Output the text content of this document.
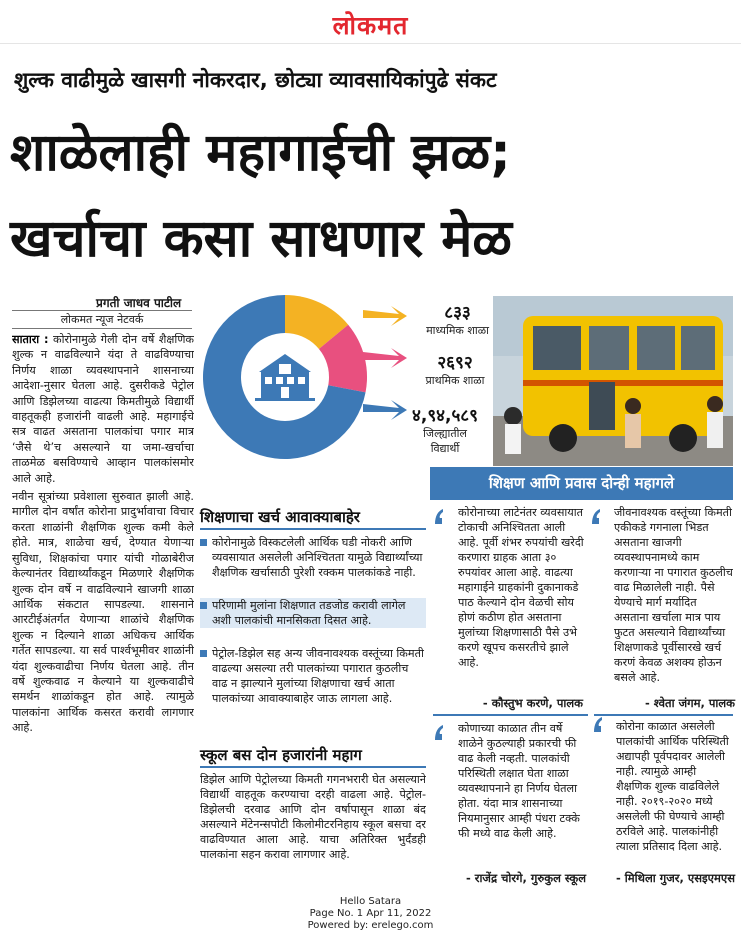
लोकमत
शुल्क वाढीमुळे खासगी नोकरदार, छोट्या व्यावसायिकांपुढे संकट
शाळेलाही महागाईची झळ;
खर्चाचा कसा साधणार मेळ
प्रगती जाधव पाटील
लोकमत न्यूज नेटवर्क

सातारा : कोरोनामुळे गेली दोन वर्षे शैक्षणिक शुल्क न वाढविल्याने यंदा ते वाढविण्याचा निर्णय शाळा व्यवस्थापनाने शासनाच्या आदेशा-नुसार घेतला आहे. दुसरीकडे पेट्रोल आणि डिझेलच्या वाढत्या किमतीमुळे विद्यार्थी वाहतूकही हजारांनी वाढली आहे. महागाईचे सत्र वाढत असताना पालकांचा पगार मात्र ‘जैसे थे’च असल्याने या जमा-खर्चाचा ताळमेळ बसविण्याचे आव्हान पालकांसमोर आले आहे.

नवीन सूत्रांच्या प्रवेशाला सुरुवात झाली आहे. मागील दोन वर्षांत कोरोना प्रादुर्भावाचा विचार करता शाळांनी शैक्षणिक शुल्क कमी केले होते. मात्र, शाळेचा खर्च, देण्यात येणाऱ्या सुविधा, शिक्षकांचा पगार यांची गोळाबेरीज केल्यानंतर विद्यार्थ्यांकडून मिळणारे शैक्षणिक शुल्क दोन वर्षे न वाढविल्याने खाजगी शाळा आर्थिक संकटात सापडल्या. शासनाने आरटीईअंतर्गत येणाऱ्या शाळांचे शैक्षणिक शुल्क न दिल्याने शाळा अधिकच आर्थिक गर्तेत सापडल्या. या सर्व पार्श्वभूमीवर शाळांनी यंदा शुल्कवाढीचा निर्णय घेतला आहे. तीन वर्षे शुल्कवाढ न केल्याने या शुल्कवाढीचे समर्थन शाळांकडून होत आहे. त्यामुळे पालकांना आर्थिक कसरत करावी लागणार आहे.

८३३
माध्यमिक शाळा
२६९२
प्राथमिक शाळा
४,९४,५८९
जिल्ह्यातील
विद्यार्थी
शिक्षण आणि प्रवास दोन्ही महागले
शिक्षणाचा खर्च आवाक्याबाहेर
कोरोनामुळे विस्कटलेली आर्थिक घडी नोकरी आणि व्यवसायात असलेली अनिश्चितता यामुळे विद्यार्थ्यांच्या शैक्षणिक खर्चासाठी पुरेशी रक्कम पालकांकडे नाही.
परिणामी मुलांना शिक्षणात तडजोड करावी लागेल अशी पालकांची मानसिकता दिसत आहे.
पेट्रोल-डिझेल सह अन्य जीवनावश्यक वस्तूंच्या किमती वाढल्या असल्या तरी पालकांच्या पगारात कुठलीच वाढ न झाल्याने मुलांच्या शिक्षणाचा खर्च आता पालकांच्या आवाक्याबाहेर जाऊ लागला आहे.
स्कूल बस दोन हजारांनी महाग
डिझेल आणि पेट्रोलच्या किमती गगनभरारी घेत असल्याने विद्यार्थी वाहतूक करण्याचा दरही वाढला आहे. पेट्रोल-डिझेलची दरवाढ आणि दोन वर्षापासून शाळा बंद असल्याने मेंटेनन्सपोटी किलोमीटरनिहाय स्कूल बसचा दर वाढविण्यात आला आहे. याचा अतिरिक्त भुर्दंडही पालकांना सहन करावा लागणार आहे.
कोरोनाच्या लाटेनंतर व्यवसायात टोकाची अनिश्चितता आली आहे. पूर्वी शंभर रुपयांची खरेदी करणारा ग्राहक आता ३० रुपयांवर आला आहे. वाढत्या महागाईने ग्राहकांनी दुकानाकडे पाठ केल्याने दोन वेळची सोय होणं कठीण होत असताना मुलांच्या शिक्षणासाठी पैसे उभे करणे खूपच कसरतीचे झाले आहे.
- कौस्तुभ करणे, पालक
जीवनावश्यक वस्तूंच्या किमती एकीकडे गगनाला भिडत असताना खाजगी व्यवस्थापनामध्ये काम करणाऱ्या ना पगारात कुठलीच वाढ मिळालेली नाही. पैसे येण्याचे मार्ग मर्यादित असताना खर्चाला मात्र पाय फुटत असल्याने विद्यार्थ्यांच्या शिक्षणाकडे पूर्वीसारखे खर्च करणं केवळ अशक्य होऊन बसले आहे.
- श्वेता जंगम, पालक
कोणाच्या काळात तीन वर्षे शाळेने कुठल्याही प्रकारची फी वाढ केली नव्हती. पालकांची परिस्थिती लक्षात घेता शाळा व्यवस्थापनाने हा निर्णय घेतला होता. यंदा मात्र शासनाच्या नियमानुसार आम्ही पंधरा टक्के फी मध्ये वाढ केली आहे.
- राजेंद्र चोरगे, गुरुकुल स्कूल
कोरोना काळात असलेली पालकांची आर्थिक परिस्थिती अद्यापही पूर्वपदावर आलेली नाही. त्यामुळे आम्ही शैक्षणिक शुल्क वाढविलेले नाही. २०१९-२०२० मध्ये असलेली फी घेण्याचे आम्ही ठरविले आहे. पालकांनीही त्याला प्रतिसाद दिला आहे.
- मिथिला गुजर, एसइएमएस
Hello Satara
Page No. 1 Apr 11, 2022
Powered by: erelego.com
